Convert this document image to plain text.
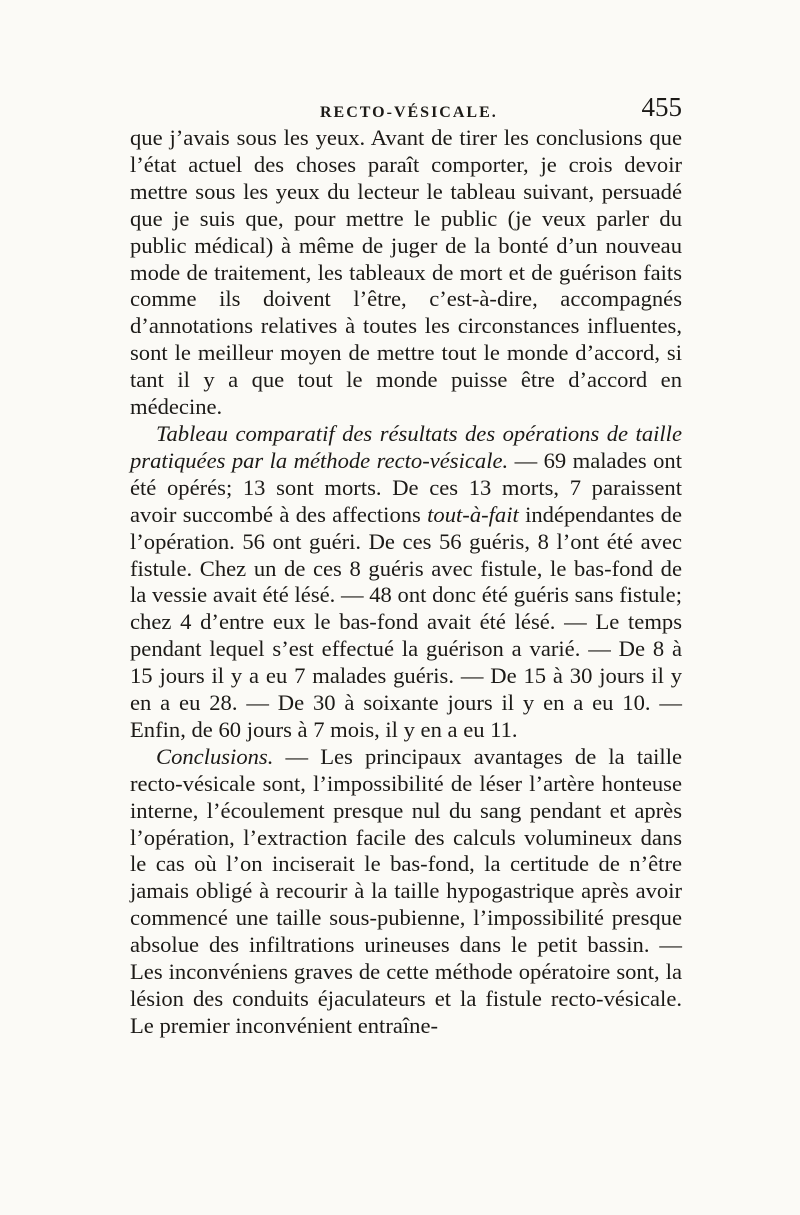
RECTO-VÉSICALE.	455

que j’avais sous les yeux. Avant de tirer les conclusions que l’état actuel des choses paraît comporter, je crois devoir mettre sous les yeux du lecteur le tableau suivant, persuadé que je suis que, pour mettre le public (je veux parler du public médical) à même de juger de la bonté d’un nouveau mode de traitement, les tableaux de mort et de guérison faits comme ils doivent l’être, c’est-à-dire, accompagnés d’annotations relatives à toutes les circonstances influentes, sont le meilleur moyen de mettre tout le monde d’accord, si tant il y a que tout le monde puisse être d’accord en médecine.

Tableau comparatif des résultats des opérations de taille pratiquées par la méthode recto-vésicale. — 69 malades ont été opérés; 13 sont morts. De ces 13 morts, 7 paraissent avoir succombé à des affections tout-à-fait indépendantes de l’opération. 56 ont guéri. De ces 56 guéris, 8 l’ont été avec fistule. Chez un de ces 8 guéris avec fistule, le bas-fond de la vessie avait été lésé. — 48 ont donc été guéris sans fistule; chez 4 d’entre eux le bas-fond avait été lésé. — Le temps pendant lequel s’est effectué la guérison a varié. — De 8 à 15 jours il y a eu 7 malades guéris. — De 15 à 30 jours il y en a eu 28. — De 30 à soixante jours il y en a eu 10. — Enfin, de 60 jours à 7 mois, il y en a eu 11.

Conclusions. — Les principaux avantages de la taille recto-vésicale sont, l’impossibilité de léser l’artère honteuse interne, l’écoulement presque nul du sang pendant et après l’opération, l’extraction facile des calculs volumineux dans le cas où l’on inciserait le bas-fond, la certitude de n’être jamais obligé à recourir à la taille hypogastrique après avoir commencé une taille sous-pubienne, l’impossibilité presque absolue des infiltrations urineuses dans le petit bassin. — Les inconvéniens graves de cette méthode opératoire sont, la lésion des conduits éjaculateurs et la fistule recto-vésicale. Le premier inconvénient entraîne-
